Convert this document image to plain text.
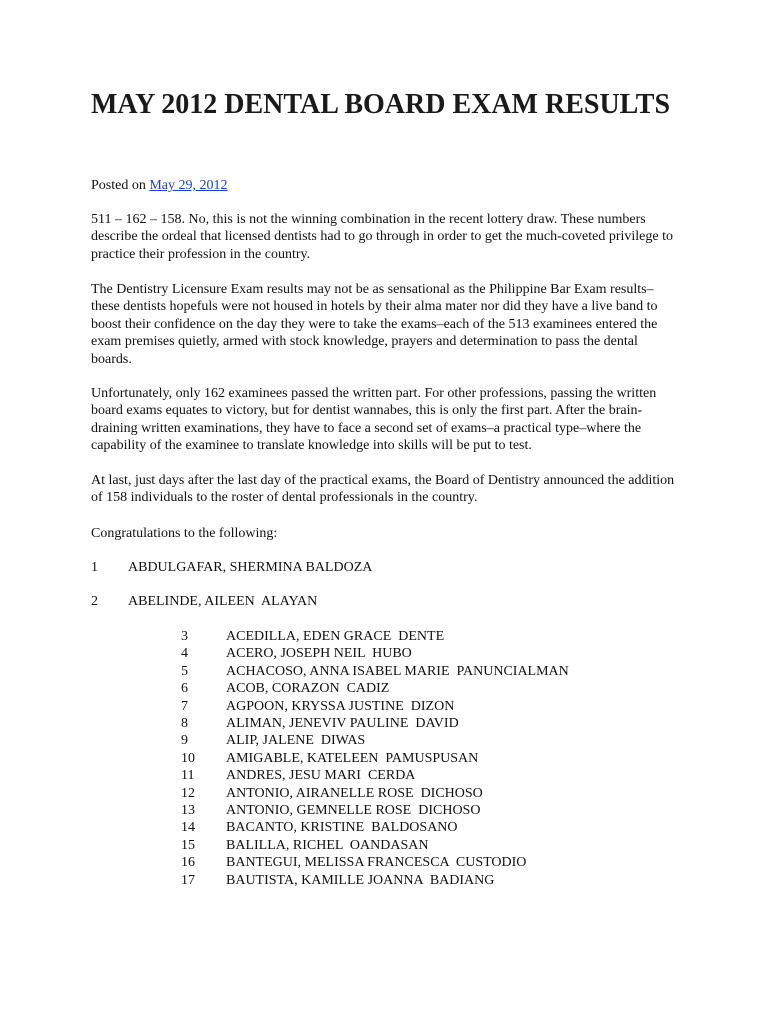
MAY 2012 DENTAL BOARD EXAM RESULTS
Posted on May 29, 2012

511 – 162 – 158. No, this is not the winning combination in the recent lottery draw. These numbers describe the ordeal that licensed dentists had to go through in order to get the much-coveted privilege to practice their profession in the country.

The Dentistry Licensure Exam results may not be as sensational as the Philippine Bar Exam results–these dentists hopefuls were not housed in hotels by their alma mater nor did they have a live band to boost their confidence on the day they were to take the exams–each of the 513 examinees entered the exam premises quietly, armed with stock knowledge, prayers and determination to pass the dental boards.

Unfortunately, only 162 examinees passed the written part. For other professions, passing the written board exams equates to victory, but for dentist wannabes, this is only the first part. After the brain-draining written examinations, they have to face a second set of exams–a practical type–where the capability of the examinee to translate knowledge into skills will be put to test.

At last, just days after the last day of the practical exams, the Board of Dentistry announced the addition of 158 individuals to the roster of dental professionals in the country.

Congratulations to the following:

1	ABDULGAFAR, SHERMINA BALDOZA
2	ABELINDE, AILEEN  ALAYAN
3	ACEDILLA, EDEN GRACE  DENTE
4	ACERO, JOSEPH NEIL  HUBO
5	ACHACOSO, ANNA ISABEL MARIE  PANUNCIALMAN
6	ACOB, CORAZON  CADIZ
7	AGPOON, KRYSSA JUSTINE  DIZON
8	ALIMAN, JENEVIV PAULINE  DAVID
9	ALIP, JALENE  DIWAS
10	AMIGABLE, KATELEEN  PAMUSPUSAN
11	ANDRES, JESU MARI  CERDA
12	ANTONIO, AIRANELLE ROSE  DICHOSO
13	ANTONIO, GEMNELLE ROSE  DICHOSO
14	BACANTO, KRISTINE  BALDOSANO
15	BALILLA, RICHEL  OANDASAN
16	BANTEGUI, MELISSA FRANCESCA  CUSTODIO
17	BAUTISTA, KAMILLE JOANNA  BADIANG
